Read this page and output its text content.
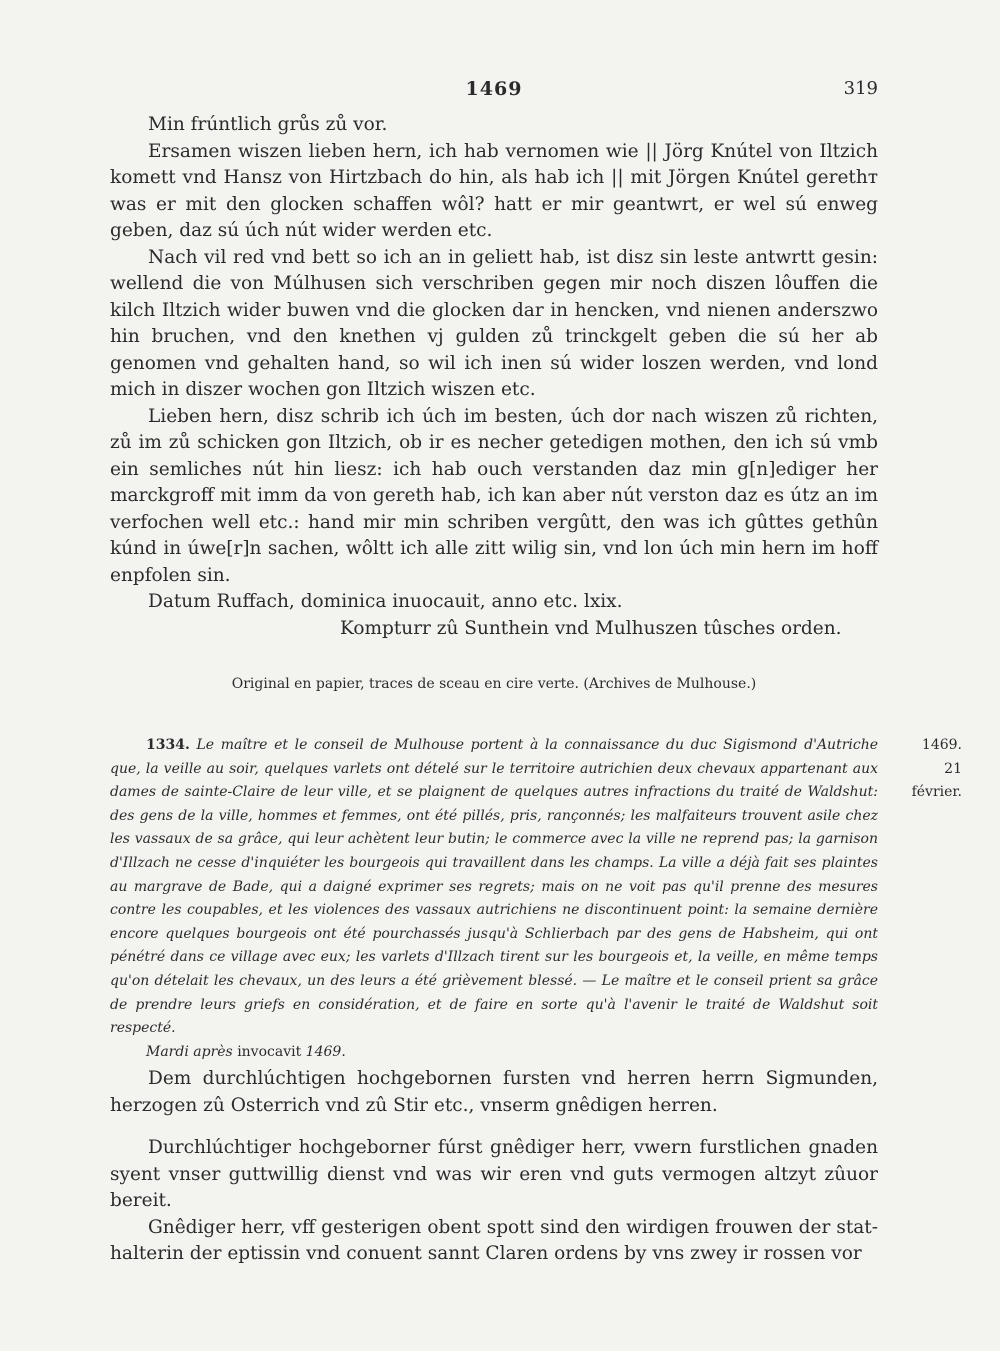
1469	319

Min frúntlich grůs zů vor.

Ersamen wiszen lieben hern, ich hab vernomen wie || Jörg Knútel von Iltzich komett vnd Hansz von Hirtzbach do hin, als hab ich || mit Jörgen Knútel gerethт was er mit den glocken schaffen wôl? hatt er mir geantwrt, er wel sú enweg geben, daz sú úch nút wider werden etc.

Nach vil red vnd bett so ich an in geliett hab, ist disz sin leste antwrtt gesin: wellend die von Múlhusen sich verschriben gegen mir noch diszen lôuffen die kilch Iltzich wider buwen vnd die glocken dar in hencken, vnd nienen anderszwo hin bruchen, vnd den knethen vj gulden zů trinckgelt geben die sú her ab genomen vnd gehalten hand, so wil ich inen sú wider loszen werden, vnd lond mich in diszer wochen gon Iltzich wiszen etc.

Lieben hern, disz schrib ich úch im besten, úch dor nach wiszen zů richten, zů im zů schicken gon Iltzich, ob ir es necher getedigen mothen, den ich sú vmb ein semliches nút hin liesz: ich hab ouch verstanden daz min g[n]ediger her marckgroff mit imm da von gereth hab, ich kan aber nút verston daz es útz an im verfochen well etc.: hand mir min schriben vergûtt, den was ich gûttes gethûn kúnd in úwe[r]n sachen, wôltt ich alle zitt wilig sin, vnd lon úch min hern im hoff enpfolen sin.

Datum Ruffach, dominica inuocauit, anno etc. lxix.

Kompturr zû Sunthein vnd Mulhuszen tûsches orden.

Original en papier, traces de sceau en cire verte. (Archives de Mulhouse.)

1334. Le maître et le conseil de Mulhouse portent à la connaissance du duc Sigismond d'Autriche que, la veille au soir, quelques varlets ont dételé sur le territoire autrichien deux chevaux appartenant aux dames de sainte-Claire de leur ville, et se plaignent de quelques autres infractions du traité de Waldshut: des gens de la ville, hommes et femmes, ont été pillés, pris, rançonnés; les malfaiteurs trouvent asile chez les vassaux de sa grâce, qui leur achètent leur butin; le commerce avec la ville ne reprend pas; la garnison d'Illzach ne cesse d'inquiéter les bourgeois qui travaillent dans les champs. La ville a déjà fait ses plaintes au margrave de Bade, qui a daigné exprimer ses regrets; mais on ne voit pas qu'il prenne des mesures contre les coupables, et les violences des vassaux autrichiens ne discontinuent point: la semaine dernière encore quelques bourgeois ont été pourchassés jusqu'à Schlierbach par des gens de Habsheim, qui ont pénétré dans ce village avec eux; les varlets d'Illzach tirent sur les bourgeois et, la veille, en même temps qu'on dételait les chevaux, un des leurs a été grièvement blessé. — Le maître et le conseil prient sa grâce de prendre leurs griefs en considération, et de faire en sorte qu'à l'avenir le traité de Waldshut soit respecté.

Mardi après invocavit 1469.

1469.
21 février.

Dem durchlúchtigen hochgebornen fursten vnd herren herrn Sigmunden, herzogen zû Osterrich vnd zû Stir etc., vnserm gnêdigen herren.

Durchlúchtiger hochgeborner fúrst gnêdiger herr, vwern furstlichen gnaden syent vnser guttwillig dienst vnd was wir eren vnd guts vermogen altzyt zûuor bereit.

Gnêdiger herr, vff gesterigen obent spott sind den wirdigen frouwen der stat-halterin der eptissin vnd conuent sannt Claren ordens by vns zwey ir rossen vor
